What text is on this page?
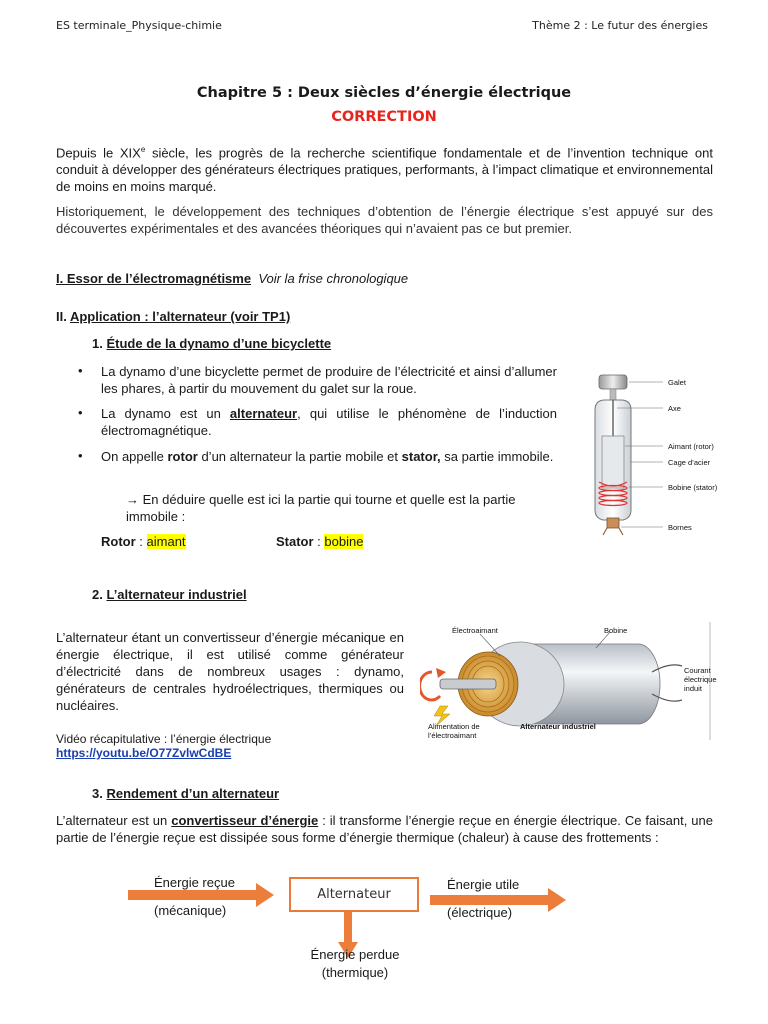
ES terminale_Physique-chimie	Thème 2 : Le futur des énergies
Chapitre 5 : Deux siècles d’énergie électrique
CORRECTION
Depuis le XIXe siècle, les progrès de la recherche scientifique fondamentale et de l’invention technique ont conduit à développer des générateurs électriques pratiques, performants, à l’impact climatique et environnemental de moins en moins marqué.
Historiquement, le développement des techniques d’obtention de l’énergie électrique s’est appuyé sur des découvertes expérimentales et des avancées théoriques qui n’avaient pas ce but premier.
I. Essor de l’électromagnétisme Voir la frise chronologique
II. Application : l’alternateur (voir TP1)
1. Étude de la dynamo d’une bicyclette
• La dynamo d’une bicyclette permet de produire de l’électricité et ainsi d’allumer les phares, à partir du mouvement du galet sur la roue.
• La dynamo est un alternateur, qui utilise le phénomène de l’induction électromagnétique.
• On appelle rotor d’un alternateur la partie mobile et stator, sa partie immobile.
→ En déduire quelle est ici la partie qui tourne et quelle est la partie immobile :
Rotor : aimant	Stator : bobine
Galet
Axe
Aimant (rotor)
Cage d’acier
Bobine (stator)
Bornes
2. L’alternateur industriel
L’alternateur étant un convertisseur d’énergie mécanique en énergie électrique, il est utilisé comme générateur d’électricité dans de nombreux usages : dynamo, générateurs de centrales hydroélectriques, thermiques ou nucléaires.
Vidéo récapitulative : l’énergie électrique
https://youtu.be/O77ZvlwCdBE
Électroaimant	Bobine
Courant électrique induit
Alimentation de l’électroaimant
Alternateur industriel
3. Rendement d’un alternateur
L’alternateur est un convertisseur d’énergie : il transforme l’énergie reçue en énergie électrique. Ce faisant, une partie de l’énergie reçue est dissipée sous forme d’énergie thermique (chaleur) à cause des frottements :
Alternateur
Énergie reçue
(mécanique)
Énergie utile
(électrique)
Énergie perdue
(thermique)
